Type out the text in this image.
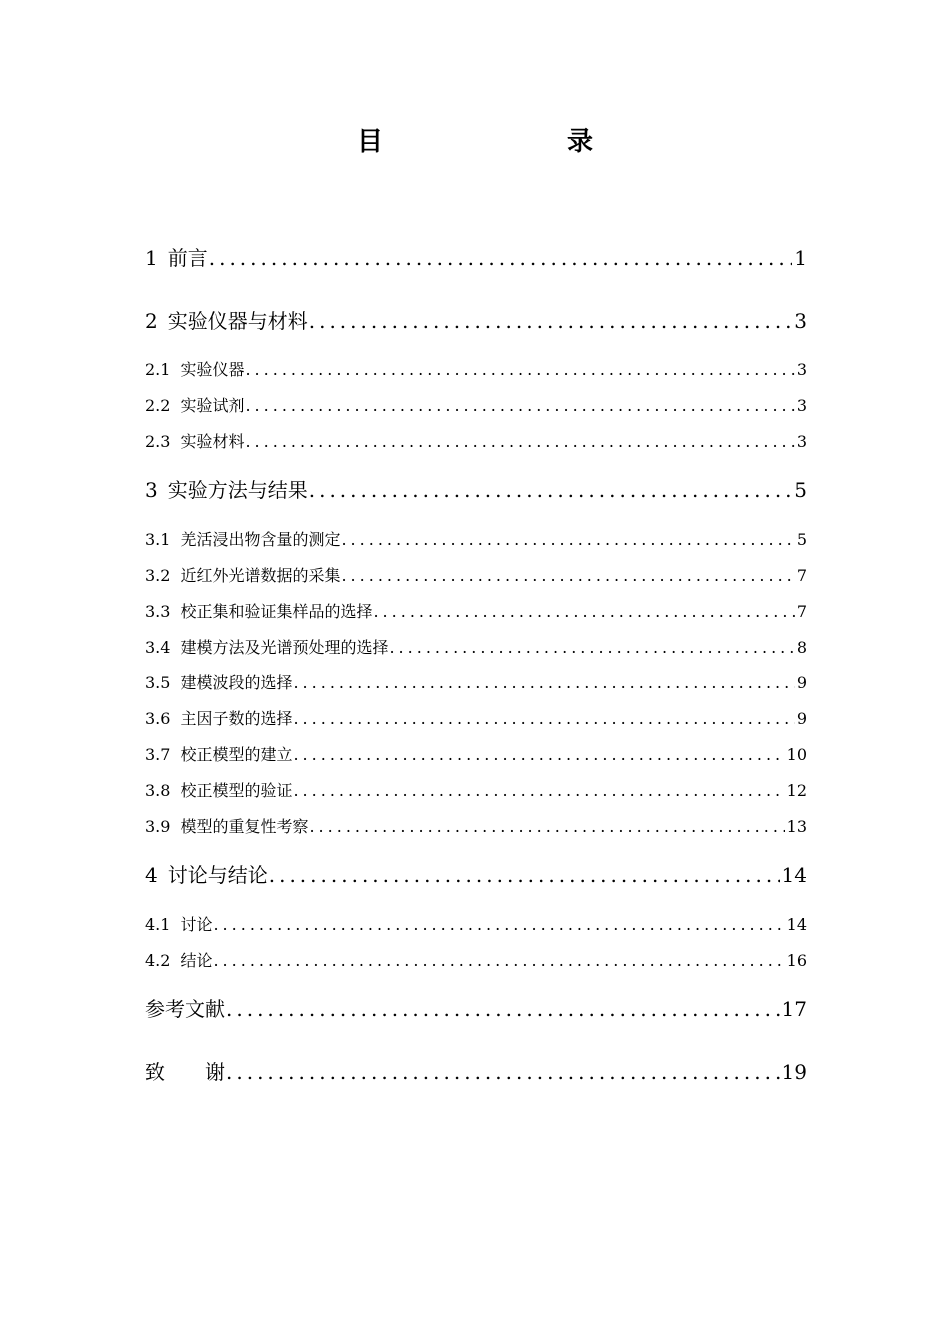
目　　录
1 前言 .....	1
2 实验仪器与材料 .....	3
2.1 实验仪器 .....	3
2.2 实验试剂 .....	3
2.3 实验材料 .....	3
3 实验方法与结果 .....	5
3.1 羌活浸出物含量的测定 .....	5
3.2 近红外光谱数据的采集 .....	7
3.3 校正集和验证集样品的选择 .....	7
3.4 建模方法及光谱预处理的选择 .....	8
3.5 建模波段的选择 .....	9
3.6 主因子数的选择 .....	9
3.7 校正模型的建立 .....	10
3.8 校正模型的验证 .....	12
3.9 模型的重复性考察 .....	13
4 讨论与结论 .....	14
4.1 讨论 .....	14
4.2 结论 .....	16
参考文献 .....	17
致　　谢 .....	19
